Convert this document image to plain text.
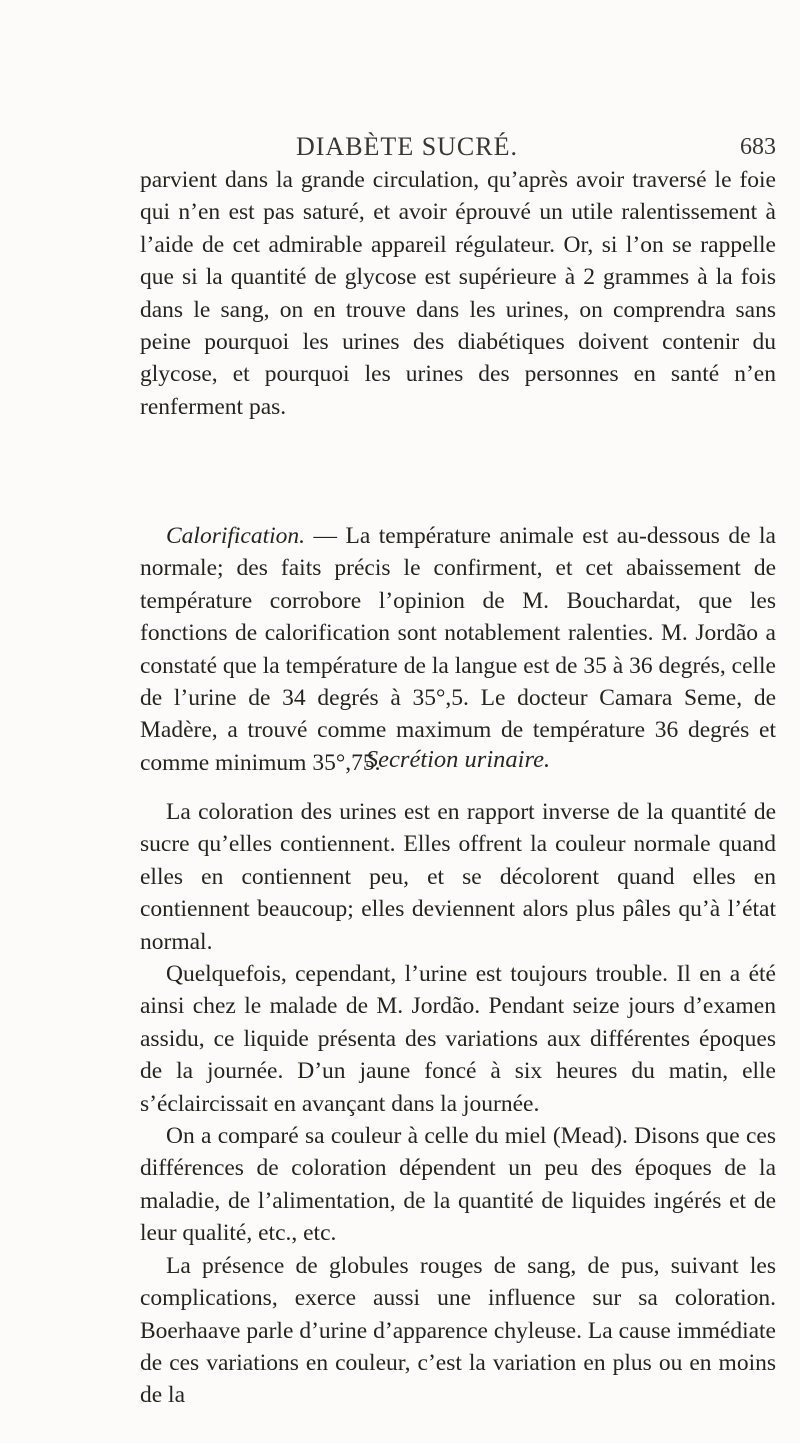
DIABÈTE SUCRÉ.	683

parvient dans la grande circulation, qu’après avoir traversé le foie qui n’en est pas saturé, et avoir éprouvé un utile ralentissement à l’aide de cet admirable appareil régulateur. Or, si l’on se rappelle que si la quantité de glycose est supérieure à 2 grammes à la fois dans le sang, on en trouve dans les urines, on comprendra sans peine pourquoi les urines des diabétiques doivent contenir du glycose, et pourquoi les urines des personnes en santé n’en renferment pas.

Calorification. — La température animale est au-dessous de la normale; des faits précis le confirment, et cet abaissement de température corrobore l’opinion de M. Bouchardat, que les fonctions de calorification sont notablement ralenties. M. Jordão a constaté que la température de la langue est de 35 à 36 degrés, celle de l’urine de 34 degrés à 35°,5. Le docteur Camara Seme, de Madère, a trouvé comme maximum de température 36 degrés et comme minimum 35°,75.

Secrétion urinaire.

La coloration des urines est en rapport inverse de la quantité de sucre qu’elles contiennent. Elles offrent la couleur normale quand elles en contiennent peu, et se décolorent quand elles en contiennent beaucoup; elles deviennent alors plus pâles qu’à l’état normal.

Quelquefois, cependant, l’urine est toujours trouble. Il en a été ainsi chez le malade de M. Jordão. Pendant seize jours d’examen assidu, ce liquide présenta des variations aux différentes époques de la journée. D’un jaune foncé à six heures du matin, elle s’éclaircissait en avançant dans la journée.

On a comparé sa couleur à celle du miel (Mead). Disons que ces différences de coloration dépendent un peu des époques de la maladie, de l’alimentation, de la quantité de liquides ingérés et de leur qualité, etc., etc.

La présence de globules rouges de sang, de pus, suivant les complications, exerce aussi une influence sur sa coloration. Boerhaave parle d’urine d’apparence chyleuse. La cause immédiate de ces variations en couleur, c’est la variation en plus ou en moins de la
